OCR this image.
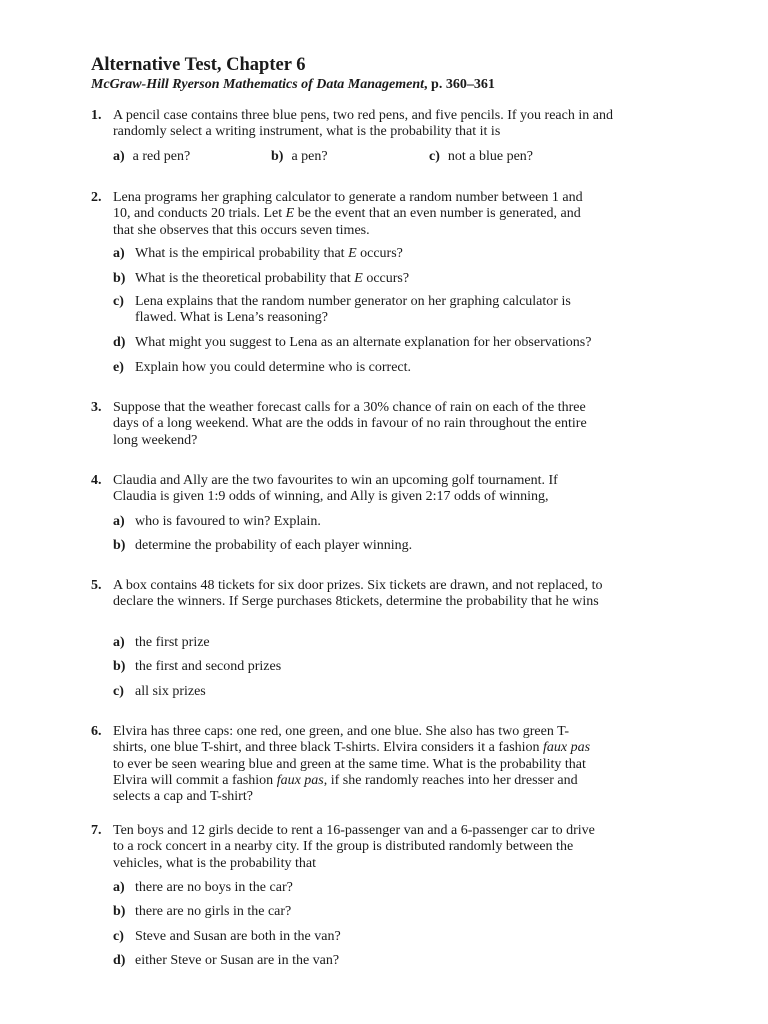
Alternative Test, Chapter 6
McGraw-Hill Ryerson Mathematics of Data Management, p. 360–361
1. A pencil case contains three blue pens, two red pens, and five pencils. If you reach in and randomly select a writing instrument, what is the probability that it is
a) a red pen?	b) a pen?	c) not a blue pen?
2. Lena programs her graphing calculator to generate a random number between 1 and 10, and conducts 20 trials. Let E be the event that an even number is generated, and that she observes that this occurs seven times.
a) What is the empirical probability that E occurs?
b) What is the theoretical probability that E occurs?
c) Lena explains that the random number generator on her graphing calculator is flawed. What is Lena’s reasoning?
d) What might you suggest to Lena as an alternate explanation for her observations?
e) Explain how you could determine who is correct.
3. Suppose that the weather forecast calls for a 30% chance of rain on each of the three days of a long weekend. What are the odds in favour of no rain throughout the entire long weekend?
4. Claudia and Ally are the two favourites to win an upcoming golf tournament. If Claudia is given 1:9 odds of winning, and Ally is given 2:17 odds of winning,
a) who is favoured to win? Explain.
b) determine the probability of each player winning.
5. A box contains 48 tickets for six door prizes. Six tickets are drawn, and not replaced, to declare the winners. If Serge purchases 8tickets, determine the probability that he wins
a) the first prize
b) the first and second prizes
c) all six prizes
6. Elvira has three caps: one red, one green, and one blue. She also has two green T-shirts, one blue T-shirt, and three black T-shirts. Elvira considers it a fashion faux pas to ever be seen wearing blue and green at the same time. What is the probability that Elvira will commit a fashion faux pas, if she randomly reaches into her dresser and selects a cap and T-shirt?
7. Ten boys and 12 girls decide to rent a 16-passenger van and a 6-passenger car to drive to a rock concert in a nearby city. If the group is distributed randomly between the vehicles, what is the probability that
a) there are no boys in the car?
b) there are no girls in the car?
c) Steve and Susan are both in the van?
d) either Steve or Susan are in the van?
